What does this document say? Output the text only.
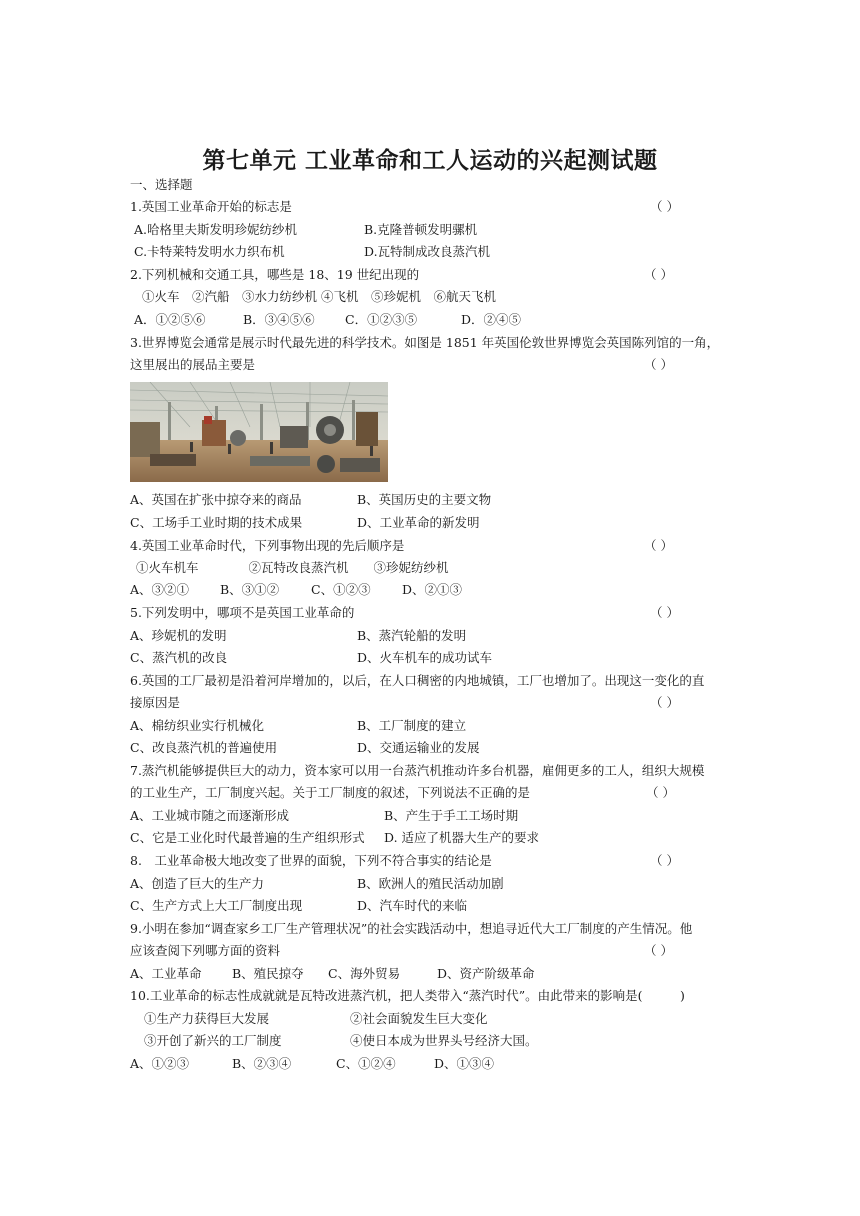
第七单元 工业革命和工人运动的兴起测试题
一、选择题
1.英国工业革命开始的标志是	（ ）
A.哈格里夫斯发明珍妮纺纱机	B.克隆普顿发明骡机
C.卡特莱特发明水力织布机	D.瓦特制成改良蒸汽机
2.下列机械和交通工具，哪些是 18、19 世纪出现的	（ ）
①火车　②汽船　③水力纺纱机 ④飞机　⑤珍妮机　⑥航天飞机
A．①②⑤⑥	B．③④⑤⑥ C．①②③⑤	D．②④⑤
3.世界博览会通常是展示时代最先进的科学技术。如图是 1851 年英国伦敦世界博览会英国陈列馆的一角，
这里展出的展品主要是	（ ）
A、英国在扩张中掠夺来的商品	B、英国历史的主要文物
C、工场手工业时期的技术成果	D、工业革命的新发明
4.英国工业革命时代，下列事物出现的先后顺序是	（ ）
①火车机车　　　　②瓦特改良蒸汽机　　③珍妮纺纱机
A、③②① B、③①②	C、①②③	D、②①③
5.下列发明中，哪项不是英国工业革命的	（ ）
A、珍妮机的发明	B、蒸汽轮船的发明
C、蒸汽机的改良	D、火车机车的成功试车
6.英国的工厂最初是沿着河岸增加的，以后，在人口稠密的内地城镇，工厂也增加了。出现这一变化的直
接原因是	（ ）
A、棉纺织业实行机械化	B、工厂制度的建立
C、改良蒸汽机的普遍使用	D、交通运输业的发展
7.蒸汽机能够提供巨大的动力，资本家可以用一台蒸汽机推动许多台机器，雇佣更多的工人，组织大规模
的工业生产，工厂制度兴起。关于工厂制度的叙述，下列说法不正确的是	（ ）
A、工业城市随之而逐渐形成	B、产生于手工工场时期
C、它是工业化时代最普遍的生产组织形式 D. 适应了机器大生产的要求
8.　工业革命极大地改变了世界的面貌，下列不符合事实的结论是	（ ）
A、创造了巨大的生产力	B、欧洲人的殖民活动加剧
C、生产方式上大工厂制度出现	D、汽车时代的来临
9.小明在参加“调查家乡工厂生产管理状况”的社会实践活动中，想追寻近代大工厂制度的产生情况。他
应该查阅下列哪方面的资料	（ ）
A、工业革命 B、殖民掠夺 C、海外贸易	D、资产阶级革命
10.工业革命的标志性成就就是瓦特改进蒸汽机，把人类带入“蒸汽时代”。由此带来的影响是(　　　)
①生产力获得巨大发展	②社会面貌发生巨大变化
③开创了新兴的工厂制度	④使日本成为世界头号经济大国。
A、①②③	B、②③④	C、①②④	D、①③④
